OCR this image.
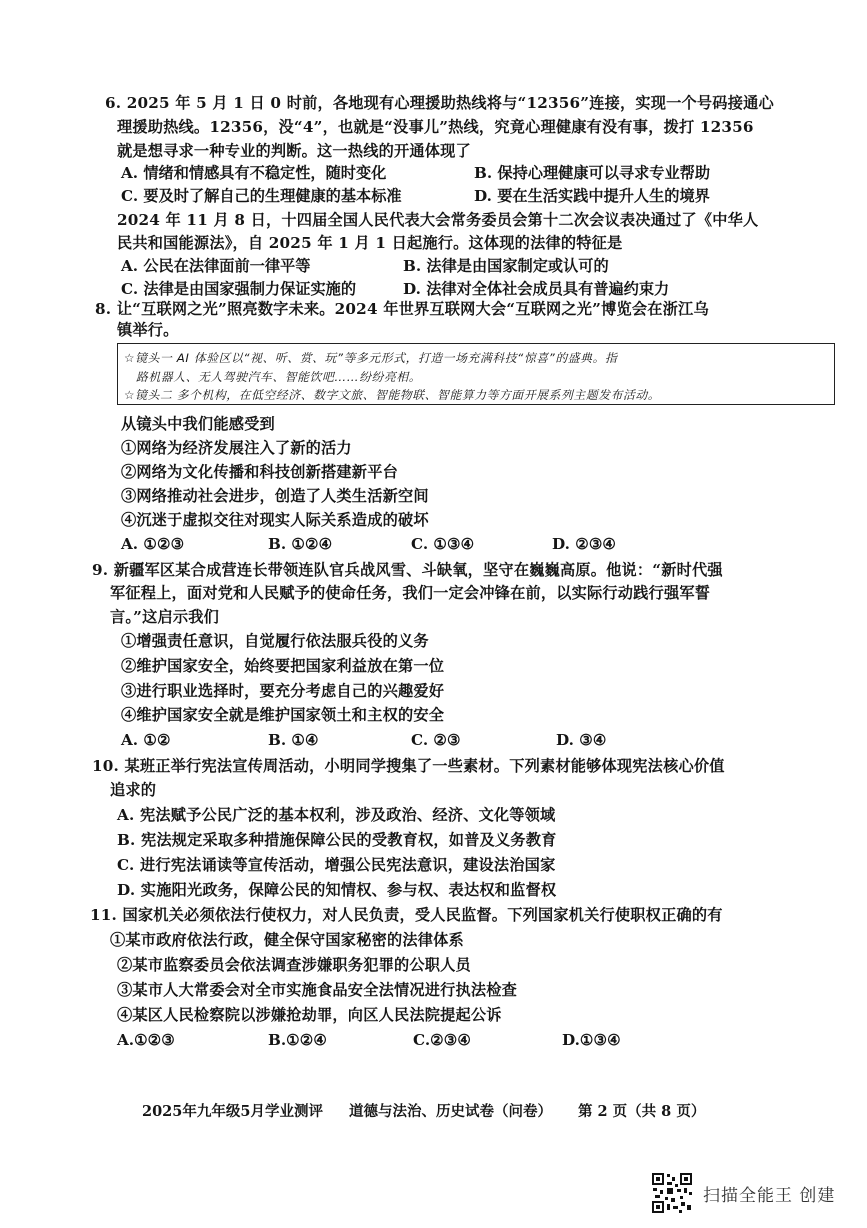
6. 2025 年 5 月 1 日 0 时前，各地现有心理援助热线将与“12356”连接，实现一个号码接通心
理援助热线。12356，没“4”，也就是“没事儿”热线，究竟心理健康有没有事，拨打 12356
就是想寻求一种专业的判断。这一热线的开通体现了
A. 情绪和情感具有不稳定性，随时变化	B. 保持心理健康可以寻求专业帮助
C. 要及时了解自己的生理健康的基本标准	D. 要在生活实践中提升人生的境界
2024 年 11 月 8 日，十四届全国人民代表大会常务委员会第十二次会议表决通过了《中华人
民共和国能源法》，自 2025 年 1 月 1 日起施行。这体现的法律的特征是
A. 公民在法律面前一律平等	B. 法律是由国家制定或认可的
C. 法律是由国家强制力保证实施的	D. 法律对全体社会成员具有普遍约束力
8. 让“互联网之光”照亮数字未来。2024 年世界互联网大会“互联网之光”博览会在浙江乌
镇举行。
☆镜头一 AI 体验区以“视、听、赏、玩”等多元形式，打造一场充满科技“惊喜”的盛典。指
路机器人、无人驾驶汽车、智能饮吧……纷纷亮相。
☆镜头二 多个机构，在低空经济、数字文旅、智能物联、智能算力等方面开展系列主题发布活动。
从镜头中我们能感受到
①网络为经济发展注入了新的活力
②网络为文化传播和科技创新搭建新平台
③网络推动社会进步，创造了人类生活新空间
④沉迷于虚拟交往对现实人际关系造成的破坏
A. ①②③	B. ①②④	C. ①③④	D. ②③④
9. 新疆军区某合成营连长带领连队官兵战风雪、斗缺氧，坚守在巍巍高原。他说：“新时代强
军征程上，面对党和人民赋予的使命任务，我们一定会冲锋在前，以实际行动践行强军誓
言。”这启示我们
①增强责任意识，自觉履行依法服兵役的义务
②维护国家安全，始终要把国家利益放在第一位
③进行职业选择时，要充分考虑自己的兴趣爱好
④维护国家安全就是维护国家领土和主权的安全
A. ①②	B. ①④	C. ②③	D. ③④
10. 某班正举行宪法宣传周活动，小明同学搜集了一些素材。下列素材能够体现宪法核心价值
追求的
A. 宪法赋予公民广泛的基本权利，涉及政治、经济、文化等领域
B. 宪法规定采取多种措施保障公民的受教育权，如普及义务教育
C. 进行宪法诵读等宣传活动，增强公民宪法意识，建设法治国家
D. 实施阳光政务，保障公民的知情权、参与权、表达权和监督权
11. 国家机关必须依法行使权力，对人民负责，受人民监督。下列国家机关行使职权正确的有
①某市政府依法行政，健全保守国家秘密的法律体系
②某市监察委员会依法调查涉嫌职务犯罪的公职人员
③某市人大常委会对全市实施食品安全法情况进行执法检查
④某区人民检察院以涉嫌抢劫罪，向区人民法院提起公诉
A.①②③	B.①②④	C.②③④	D.①③④
2025年九年级5月学业测评 道德与法治、历史试卷（问卷） 第 2 页（共 8 页）
扫描全能王 创建
